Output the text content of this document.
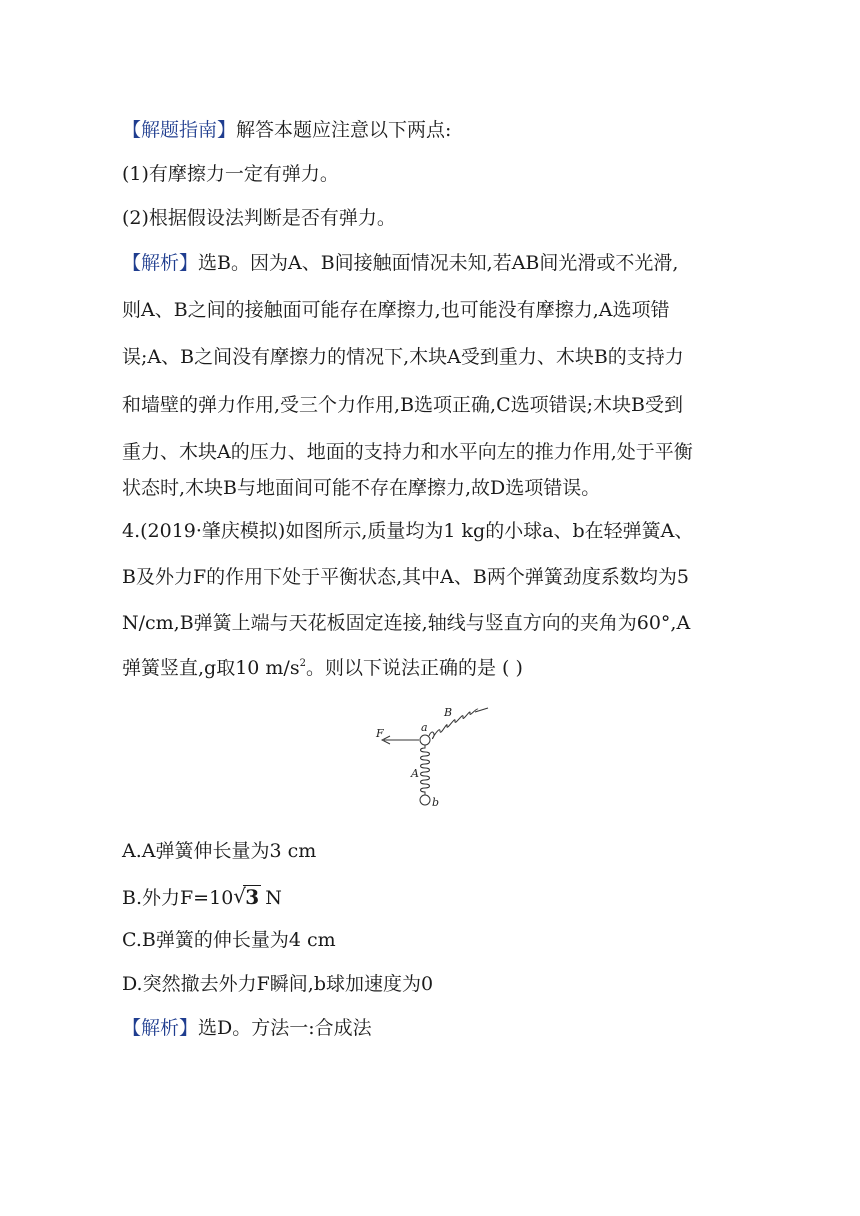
【解题指南】解答本题应注意以下两点:
(1)有摩擦力一定有弹力。
(2)根据假设法判断是否有弹力。
【解析】选B。因为A、B间接触面情况未知,若AB间光滑或不光滑,
则A、B之间的接触面可能存在摩擦力,也可能没有摩擦力,A选项错
误;A、B之间没有摩擦力的情况下,木块A受到重力、木块B的支持力
和墙壁的弹力作用,受三个力作用,B选项正确,C选项错误;木块B受到
重力、木块A的压力、地面的支持力和水平向左的推力作用,处于平衡
状态时,木块B与地面间可能不存在摩擦力,故D选项错误。
4.(2019·肇庆模拟)如图所示,质量均为1 kg的小球a、b在轻弹簧A、
B及外力F的作用下处于平衡状态,其中A、B两个弹簧劲度系数均为5
N/cm,B弹簧上端与天花板固定连接,轴线与竖直方向的夹角为60°,A
弹簧竖直,g取10 $m/s^2$。则以下说法正确的是 ( )
F	a
B
A
b
A.A弹簧伸长量为3 cm
B.外力F=10 √ 3 N
C.B弹簧的伸长量为4 cm
D.突然撤去外力F瞬间,b球加速度为0
【解析】选D。方法一:合成法
